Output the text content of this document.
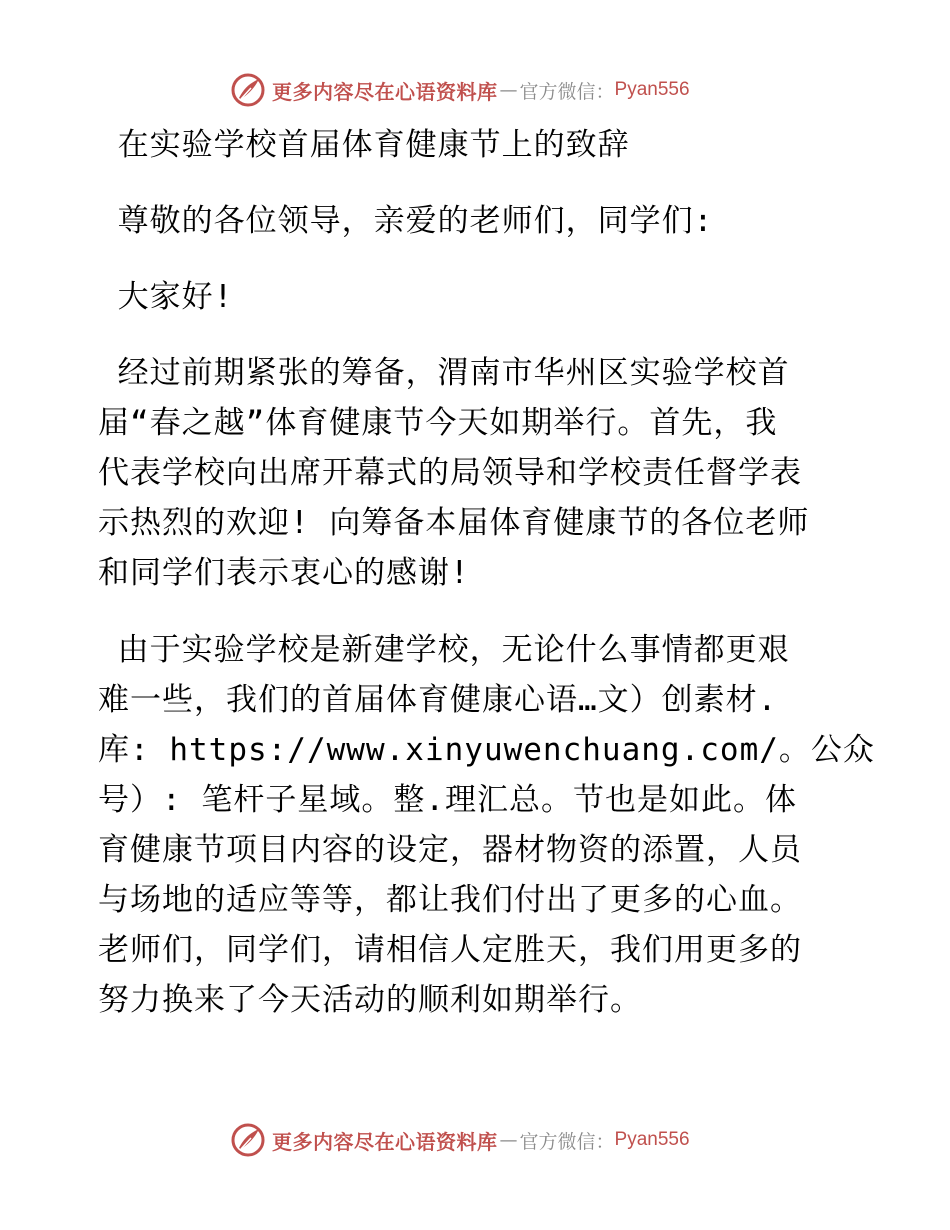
更多内容尽在心语资料库 — 官方微信： Pyan556
在实验学校首届体育健康节上的致辞
尊敬的各位领导，亲爱的老师们，同学们:
大家好!
经过前期紧张的筹备，渭南市华州区实验学校首
届“春之越”体育健康节今天如期举行。首先，我
代表学校向出席开幕式的局领导和学校责任督学表
示热烈的欢迎! 向筹备本届体育健康节的各位老师
和同学们表示衷心的感谢!
由于实验学校是新建学校，无论什么事情都更艰
难一些，我们的首届体育健康心语…文）创素材.
库: https://www.xinyuwenchuang.com/。公众
号）: 笔杆子星域。整.理汇总。节也是如此。体
育健康节项目内容的设定，器材物资的添置，人员
与场地的适应等等，都让我们付出了更多的心血。
老师们，同学们，请相信人定胜天，我们用更多的
努力换来了今天活动的顺利如期举行。
更多内容尽在心语资料库 — 官方微信： Pyan556
